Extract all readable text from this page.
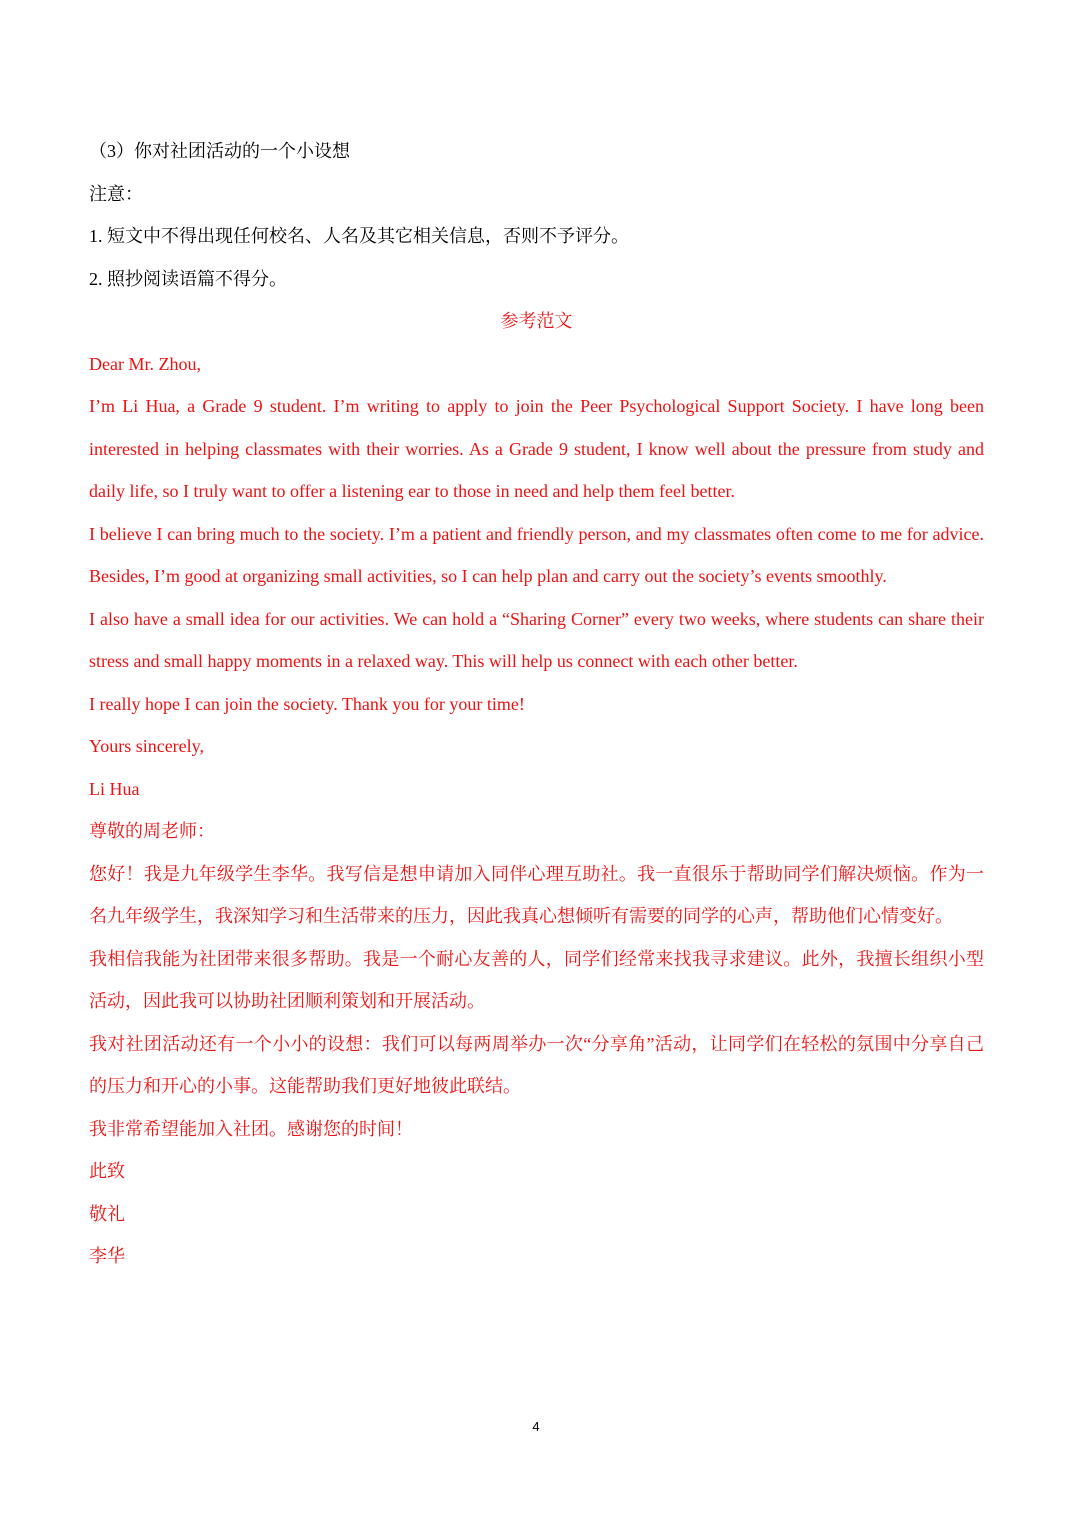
（3）你对社团活动的一个小设想

注意：

1. 短文中不得出现任何校名、人名及其它相关信息，否则不予评分。

2. 照抄阅读语篇不得分。

参考范文

Dear Mr. Zhou,

I’m Li Hua, a Grade 9 student. I’m writing to apply to join the Peer Psychological Support Society. I have long been interested in helping classmates with their worries. As a Grade 9 student, I know well about the pressure from study and daily life, so I truly want to offer a listening ear to those in need and help them feel better.

I believe I can bring much to the society. I’m a patient and friendly person, and my classmates often come to me for advice. Besides, I’m good at organizing small activities, so I can help plan and carry out the society’s events smoothly.

I also have a small idea for our activities. We can hold a “Sharing Corner” every two weeks, where students can share their stress and small happy moments in a relaxed way. This will help us connect with each other better.

I really hope I can join the society. Thank you for your time!

Yours sincerely,

Li Hua

尊敬的周老师：

您好！我是九年级学生李华。我写信是想申请加入同伴心理互助社。我一直很乐于帮助同学们解决烦恼。作为一名九年级学生，我深知学习和生活带来的压力，因此我真心想倾听有需要的同学的心声，帮助他们心情变好。

我相信我能为社团带来很多帮助。我是一个耐心友善的人，同学们经常来找我寻求建议。此外，我擅长组织小型活动，因此我可以协助社团顺利策划和开展活动。

我对社团活动还有一个小小的设想：我们可以每两周举办一次“分享角”活动，让同学们在轻松的氛围中分享自己的压力和开心的小事。这能帮助我们更好地彼此联结。

我非常希望能加入社团。感谢您的时间！

此致

敬礼

李华

4
